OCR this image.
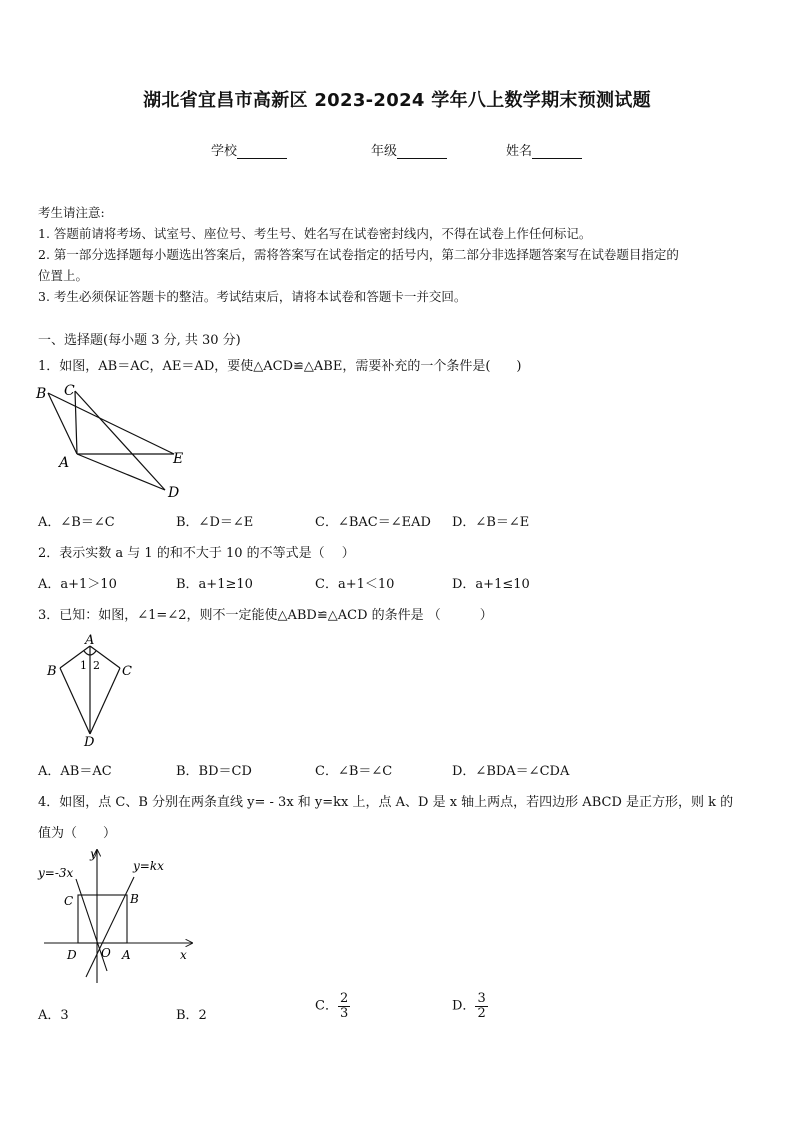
湖北省宜昌市高新区 2023-2024 学年八上数学期末预测试题
学校	年级	姓名
考生请注意:
1. 答题前请将考场、试室号、座位号、考生号、姓名写在试卷密封线内，不得在试卷上作任何标记。
2. 第一部分选择题每小题选出答案后，需将答案写在试卷指定的括号内，第二部分非选择题答案写在试卷题目指定的
位置上。
3. 考生必须保证答题卡的整洁。考试结束后，请将本试卷和答题卡一并交回。
一、选择题(每小题 3 分, 共 30 分)
1．如图，AB＝AC，AE＝AD，要使△ACD≌△ABE，需要补充的一个条件是(　　)
B C
A	E
D
A．∠B＝∠C	B．∠D＝∠E	C．∠BAC＝∠EAD D．∠B＝∠E
2．表示实数 a 与 1 的和不大于 10 的不等式是（　 ）
A．a+1＞10	B．a+1≥10	C．a+1＜10	D．a+1≤10
3．已知：如图，∠1=∠2，则不一定能使△ABD≌△ACD 的条件是 （　　　）
A
B	C
D
1 2
A．AB＝AC	B．BD＝CD	C．∠B＝∠C	D．∠BDA＝∠CDA
4．如图，点 C、B 分别在两条直线 y= - 3x 和 y=kx 上，点 A、D 是 x 轴上两点，若四边形 ABCD 是正方形，则 k 的
值为（　　）
y
x
y=-3x	y=kx
C	B
D O A
A．3	B．2
C． $\frac{2}{3}$	D． $\frac{3}{2}$
